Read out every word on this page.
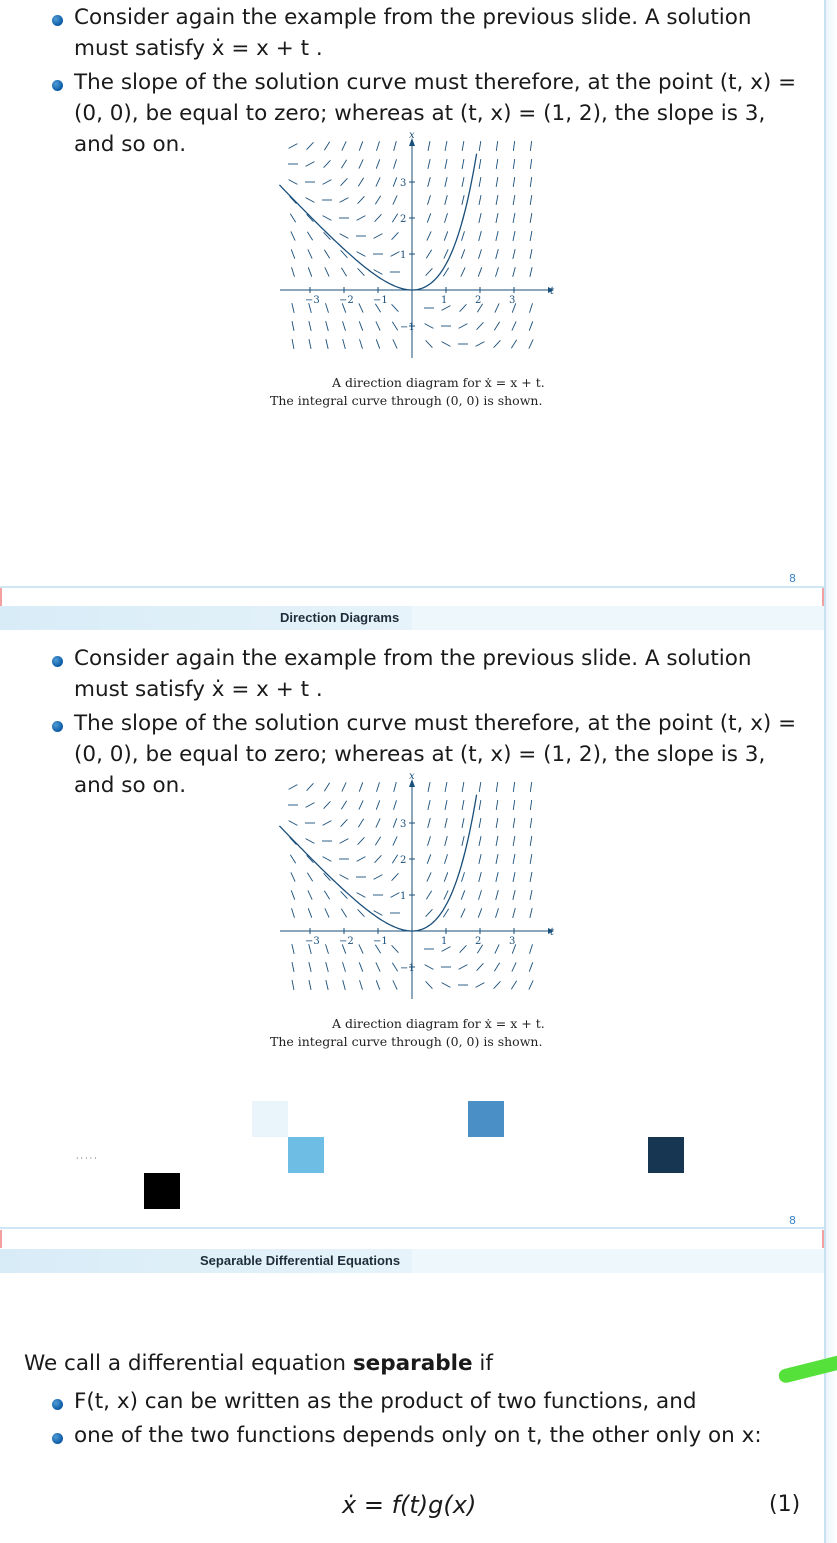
Consider again the example from the previous slide. A solution must satisfy ẋ = x + t .
The slope of the solution curve must therefore, at the point (t, x) = (0, 0), be equal to zero; whereas at (t, x) = (1, 2), the slope is 3, and so on.
t
x
−3 −2 −1	1	2	3
3
2
1
−1
A direction diagram for ẋ = x + t.
The integral curve through (0, 0) is shown.
8
Direction Diagrams
Consider again the example from the previous slide. A solution must satisfy ẋ = x + t .
The slope of the solution curve must therefore, at the point (t, x) = (0, 0), be equal to zero; whereas at (t, x) = (1, 2), the slope is 3, and so on.
t
x
−3 −2 −1	1	2	3
3
2
1
−1
A direction diagram for ẋ = x + t.
The integral curve through (0, 0) is shown.
·····
8
Separable Differential Equations
We call a differential equation separable if
F(t, x) can be written as the product of two functions, and
one of the two functions depends only on t, the other only on x:
ẋ = f(t)g(x)	(1)
